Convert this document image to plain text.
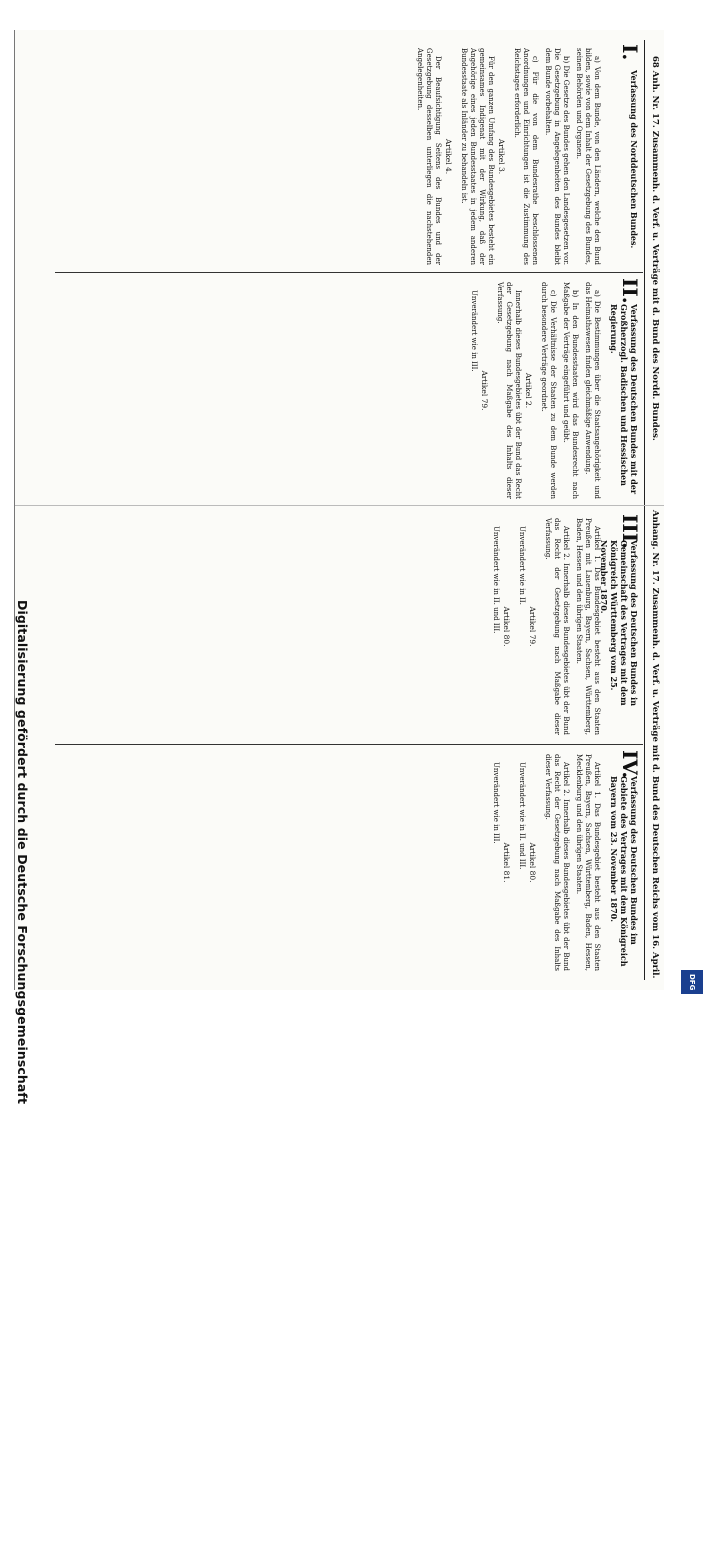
68 Anh. Nr. 17. Zusammenh. d. Verf. u. Verträge mit d. Bund des Nordd. Bundes.
Anhang. Nr. 17. Zusammenh. d. Verf. u. Verträge mit d. Bund des Deutschen Reichs vom 16. April.
I.
Verfassung des Norddeutschen Bundes.

a) Von dem Bunde, von den Ländern, welche den Bund bilden, sowie von dem Inhalt der Gesetzgebung des Bundes, seinen Behörden und Organen.

b) Die Gesetze des Bundes gehen den Landesgesetzen vor. Die Gesetzgebung in Angelegenheiten des Bundes bleibt dem Bunde vorbehalten.

c) Für die von dem Bundesrathe beschlossenen Anordnungen und Einrichtungen ist die Zustimmung des Reichstages erforderlich.

Artikel 3.

Für den ganzen Umfang des Bundesgebietes besteht ein gemeinsames Indigenat mit der Wirkung, daß der Angehörige eines jeden Bundesstaates in jedem anderen Bundesstaate als Inländer zu behandeln ist.

Artikel 4.

Der Beaufsichtigung Seitens des Bundes und der Gesetzgebung desselben unterliegen die nachstehenden Angelegenheiten.

II.
Verfassung des Deutschen Bundes mit der Großherzogl. Badischen und Hessischen Regierung.

a) Die Bestimmungen über die Staatsangehörigkeit und das Heimathswesen finden gleichmäßige Anwendung.

b) In den Bundesstaaten wird das Bundesrecht nach Maßgabe der Verträge eingeführt und geübt.

c) Die Verhältnisse der Staaten zu dem Bunde werden durch besondere Verträge geordnet.

Artikel 2.

Innerhalb dieses Bundesgebietes übt der Bund das Recht der Gesetzgebung nach Maßgabe des Inhalts dieser Verfassung.

Artikel 79.

Unverändert wie in III.

III.
Verfassung des Deutschen Bundes in Gemeinschaft des Vertrages mit dem Königreich Württemberg vom 25. November 1870.

Artikel 1. Das Bundesgebiet besteht aus den Staaten Preußen mit Lauenburg, Bayern, Sachsen, Württemberg, Baden, Hessen und den übrigen Staaten.

Artikel 2. Innerhalb dieses Bundesgebietes übt der Bund das Recht der Gesetzgebung nach Maßgabe dieser Verfassung.

Artikel 79.

Unverändert wie in II.

Artikel 80.

Unverändert wie in II. und III.

IV.
Verfassung des Deutschen Bundes im Gebiete des Vertrages mit dem Königreich Bayern vom 23. November 1870.

Artikel 1. Das Bundesgebiet besteht aus den Staaten Preußen, Bayern, Sachsen, Württemberg, Baden, Hessen, Mecklenburg und den übrigen Staaten.

Artikel 2. Innerhalb dieses Bundesgebietes übt der Bund das Recht der Gesetzgebung nach Maßgabe des Inhalts dieser Verfassung.

Artikel 80.

Unverändert wie in II. und III.

Artikel 81.

Unverändert wie in III.

Digitalisierung gefördert durch die Deutsche Forschungsgemeinschaft	DFG
